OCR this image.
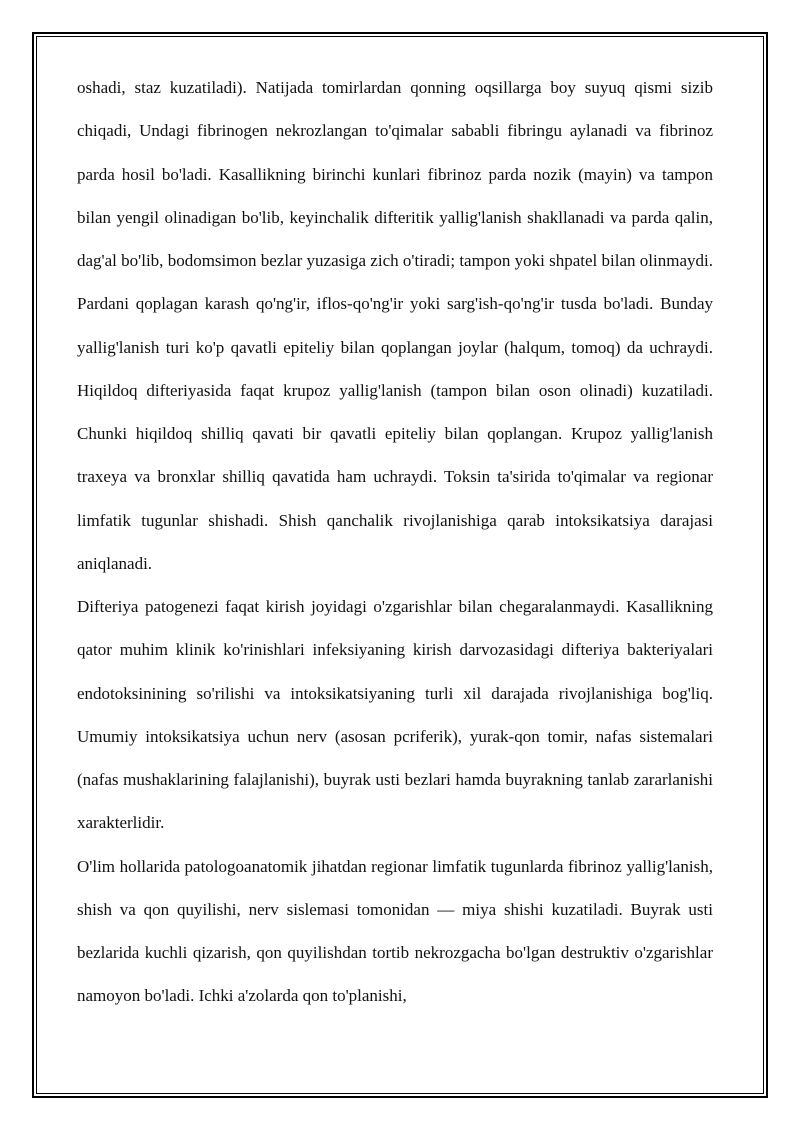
oshadi, staz kuzatiladi). Natijada tomirlardan qonning oqsillarga boy suyuq qismi sizib chiqadi, Undagi fibrinogen nekrozlangan to'qimalar sababli fibringu aylanadi va fibrinoz parda hosil bo'ladi. Kasallikning birinchi kunlari fibrinoz parda nozik (mayin) va tampon bilan yengil olinadigan bo'lib, keyinchalik difteritik yallig'lanish shakllanadi va parda qalin, dag'al bo'lib, bodomsimon bezlar yuzasiga zich o'tiradi; tampon yoki shpatel bilan olinmaydi. Pardani qoplagan karash qo'ng'ir, iflos-qo'ng'ir yoki sarg'ish-qo'ng'ir tusda bo'ladi. Bunday yallig'lanish turi ko'p qavatli epiteliy bilan qoplangan joylar (halqum, tomoq) da uchraydi. Hiqildoq difteriyasida faqat krupoz yallig'lanish (tampon bilan oson olinadi) kuzatiladi. Chunki hiqildoq shilliq qavati bir qavatli epiteliy bilan qoplangan. Krupoz yallig'lanish traxeya va bronxlar shilliq qavatida ham uchraydi. Toksin ta'sirida to'qimalar va regionar limfatik tugunlar shishadi. Shish qanchalik rivojlanishiga qarab intoksikatsiya darajasi aniqlanadi.

Difteriya patogenezi faqat kirish joyidagi o'zgarishlar bilan chegaralanmaydi. Kasallikning qator muhim klinik ko'rinishlari infeksiyaning kirish darvozasidagi difteriya bakteriyalari endotoksinining so'rilishi va intoksikatsiyaning turli xil darajada rivojlanishiga bog'liq. Umumiy intoksikatsiya uchun nerv (asosan pcriferik), yurak-qon tomir, nafas sistemalari (nafas mushaklarining falajlanishi), buyrak usti bezlari hamda buyrakning tanlab zararlanishi xarakterlidir.

O'lim hollarida patologoanatomik jihatdan regionar limfatik tugunlarda fibrinoz yallig'lanish, shish va qon quyilishi, nerv sislemasi tomonidan — miya shishi kuzatiladi. Buyrak usti bezlarida kuchli qizarish, qon quyilishdan tortib nekrozgacha bo'lgan destruktiv o'zgarishlar namoyon bo'ladi. Ichki a'zolarda qon to'planishi,
